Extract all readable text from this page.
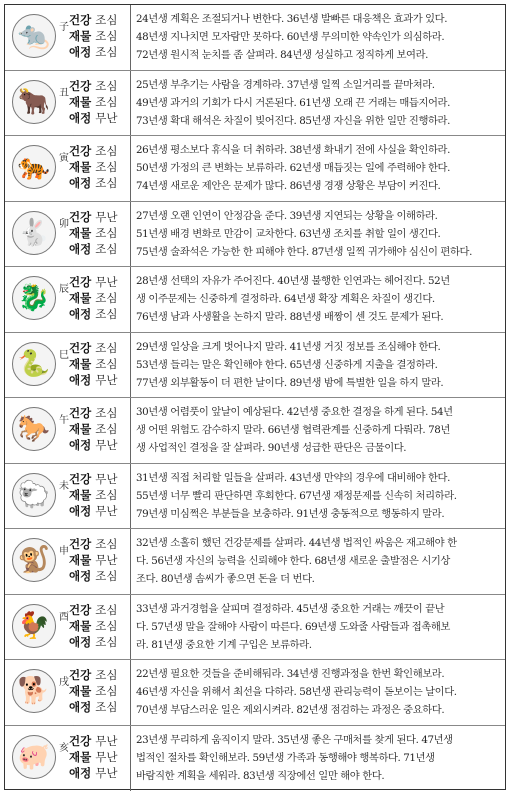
🐀 子
건강 조심
재물 조심
애정 조심
24년생 계획은 조절되거나 변한다. 36년생 발빠른 대응책은 효과가 있다.
48년생 지나치면 모자람만 못하다. 60년생 무의미한 약속인가 의심하라.
72년생 원시적 눈치를 좀 살펴라. 84년생 성실하고 정직하게 보여라.
🐂 丑
건강 조심
재물 조심
애정 무난
25년생 부추기는 사람을 경계하라. 37년생 일찍 소일거리를 끝마쳐라.
49년생 과거의 기회가 다시 거론된다. 61년생 오래 끈 거래는 매듭지어라.
73년생 확대 해석은 차질이 빚어진다. 85년생 자신을 위한 일만 진행하라.
🐅 寅
건강 조심
재물 조심
애정 조심
26년생 평소보다 휴식을 더 취하라. 38년생 화내기 전에 사실을 확인하라.
50년생 가정의 큰 변화는 보류하라. 62년생 매듭짓는 일에 주력해야 한다.
74년생 새로운 제안은 문제가 많다. 86년생 경쟁 상황은 부담이 커진다.
🐇 卯
건강 무난
재물 조심
애정 조심
27년생 오랜 인연이 안정감을 준다. 39년생 지연되는 상황을 이해하라.
51년생 배경 변화로 만감이 교차한다. 63년생 조치를 취할 일이 생긴다.
75년생 술좌석은 가능한 한 피해야 한다. 87년생 일찍 귀가해야 심신이 편하다.
🐉 辰
건강 무난
재물 조심
애정 조심
28년생 선택의 자유가 주어진다. 40년생 불행한 인연과는 헤어진다. 52년
생 이주문제는 신중하게 결정하라. 64년생 확장 계획은 차질이 생긴다.
76년생 남과 사생활을 논하지 말라. 88년생 배짱이 센 것도 문제가 된다.
🐍 巳
건강 조심
재물 조심
애정 무난
29년생 일상을 크게 벗어나지 말라. 41년생 거짓 정보를 조심해야 한다.
53년생 들리는 말은 확인해야 한다. 65년생 신중하게 지출을 결정하라.
77년생 외부활동이 더 편한 날이다. 89년생 밤에 특별한 일을 하지 말라.
🐎 午
건강 조심
재물 조심
애정 무난
30년생 어렴풋이 앞날이 예상된다. 42년생 중요한 결정을 하게 된다. 54년
생 어떤 위험도 감수하지 말라. 66년생 협력관계를 신중하게 다뤄라. 78년
생 사업적인 결정을 잘 살펴라. 90년생 성급한 판단은 금물이다.
🐑 未
건강 무난
재물 조심
애정 무난
31년생 직접 처리할 일들을 살펴라. 43년생 만약의 경우에 대비해야 한다.
55년생 너무 빨리 판단하면 후회한다. 67년생 재정문제를 신속히 처리하라.
79년생 미심쩍은 부분들을 보충하라. 91년생 충동적으로 행동하지 말라.
🐒 申
건강 조심
재물 무난
애정 조심
32년생 소홀히 했던 건강문제를 살펴라. 44년생 법적인 싸움은 재고해야 한
다. 56년생 자신의 능력을 신뢰해야 한다. 68년생 새로운 출발점은 시기상
조다. 80년생 솜씨가 좋으면 돈을 더 번다.
🐓 酉
건강 조심
재물 조심
애정 조심
33년생 과거경험을 살피며 결정하라. 45년생 중요한 거래는 깨끗이 끝난
다. 57년생 말을 잘해야 사람이 따른다. 69년생 도와줄 사람들과 접촉해보
라. 81년생 중요한 기계 구입은 보류하라.
🐕 戌
건강 조심
재물 조심
애정 조심
22년생 필요한 것들을 준비해둬라. 34년생 진행과정을 한번 확인해보라.
46년생 자신을 위해서 최선을 다하라. 58년생 관리능력이 돋보이는 날이다.
70년생 부담스러운 일은 제외시켜라. 82년생 점검하는 과정은 중요하다.
🐖 亥
건강 무난
재물 무난
애정 무난
23년생 무리하게 움직이지 말라. 35년생 좋은 구매처를 찾게 된다. 47년생
법적인 절차를 확인해보라. 59년생 가족과 동행해야 행복하다. 71년생
바람직한 계획을 세워라. 83년생 직장에선 일만 해야 한다.
